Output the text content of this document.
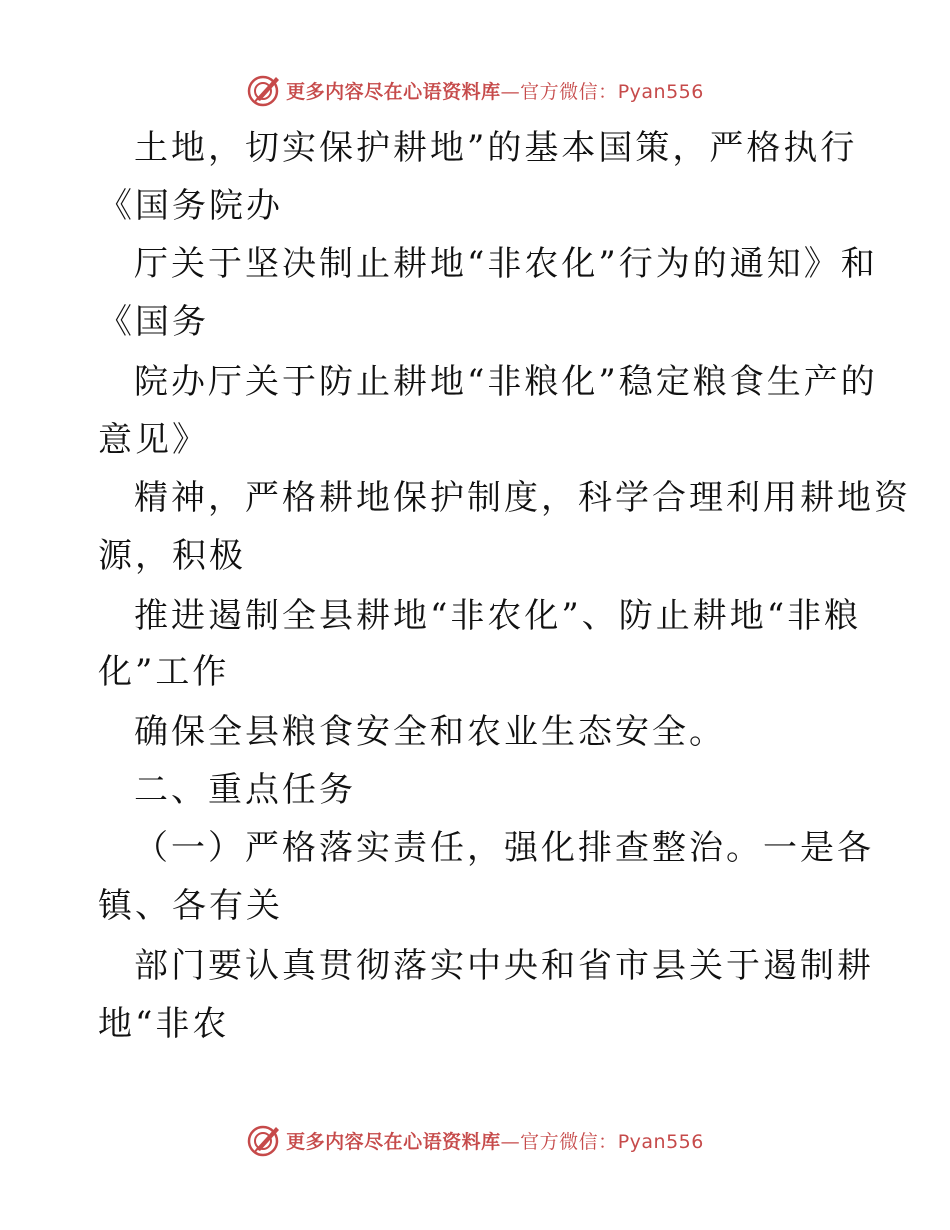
更多内容尽在心语资料库—官方微信：Pyan556
土地，切实保护耕地”的基本国策，严格执行
《国务院办
厅关于坚决制止耕地“非农化”行为的通知》和
《国务
院办厅关于防止耕地“非粮化”稳定粮食生产的
意见》
精神，严格耕地保护制度，科学合理利用耕地资
源，积极
推进遏制全县耕地“非农化”、防止耕地“非粮
化”工作
确保全县粮食安全和农业生态安全。
二、重点任务
（一）严格落实责任，强化排查整治。一是各
镇、各有关
部门要认真贯彻落实中央和省市县关于遏制耕
地“非农
更多内容尽在心语资料库—官方微信：Pyan556
